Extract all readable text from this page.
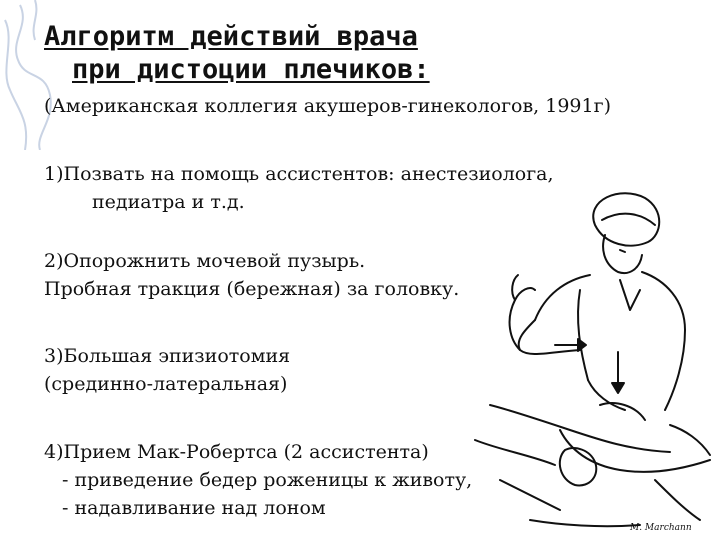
Алгоритм действий врача
при дистоции плечиков:

(Американская коллегия акушеров-гинекологов, 1991г)

1)Позвать на помощь ассистентов: анестезиолога,
педиатра и т.д.
2)Опорожнить мочевой пузырь.
Пробная тракция (бережная) за головку.
3)Большая эпизиотомия
(срединно-латеральная)
4)Прием Мак-Робертса (2 ассистента)
- приведение бедер роженицы к животу,
- надавливание над лоном
M. Marchann
